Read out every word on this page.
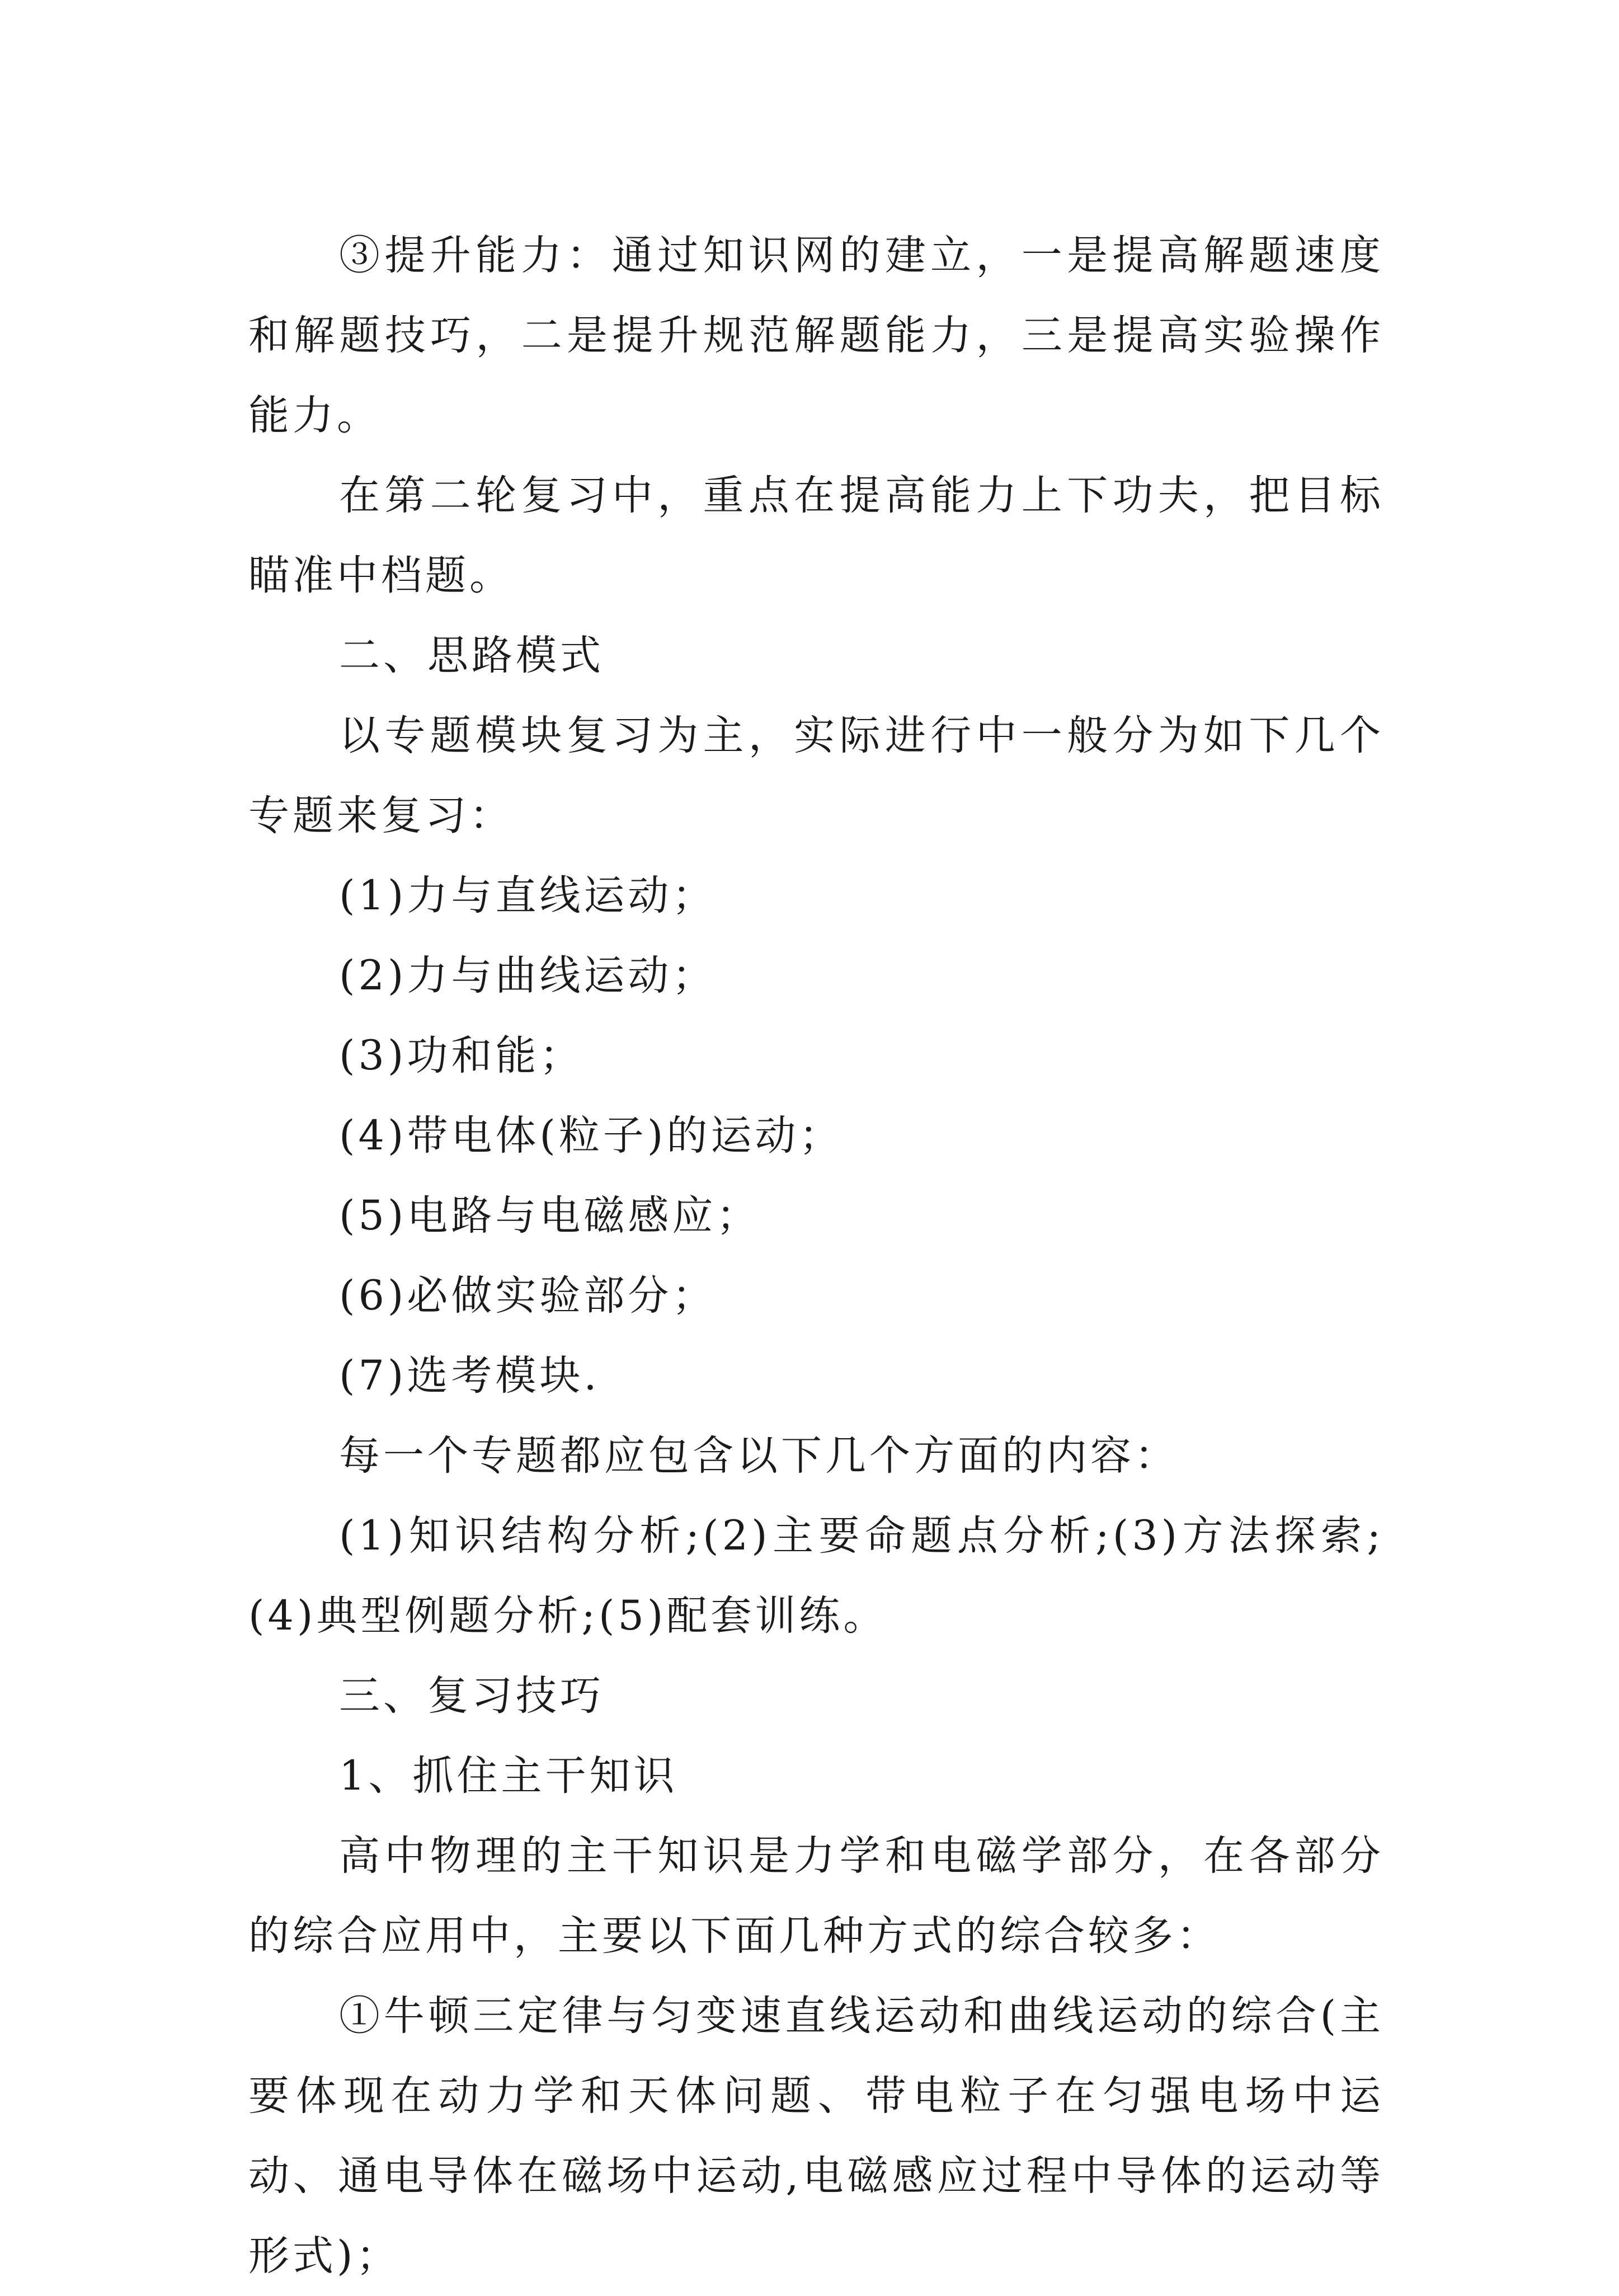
③提升能力：通过知识网的建立，一是提高解题速度和解题技巧，二是提升规范解题能力，三是提高实验操作能力。

在第二轮复习中，重点在提高能力上下功夫，把目标瞄准中档题。

二、思路模式

以专题模块复习为主，实际进行中一般分为如下几个专题来复习：

(1)力与直线运动；

(2)力与曲线运动；

(3)功和能；

(4)带电体(粒子)的运动；

(5)电路与电磁感应；

(6)必做实验部分；

(7)选考模块.

每一个专题都应包含以下几个方面的内容：

(1)知识结构分析;(2)主要命题点分析;(3)方法探索;(4)典型例题分析;(5)配套训练。

三、复习技巧

1、抓住主干知识

高中物理的主干知识是力学和电磁学部分，在各部分的综合应用中，主要以下面几种方式的综合较多：

①牛顿三定律与匀变速直线运动和曲线运动的综合(主要体现在动力学和天体问题、带电粒子在匀强电场中运动、通电导体在磁场中运动,电磁感应过程中导体的运动等形式)；
